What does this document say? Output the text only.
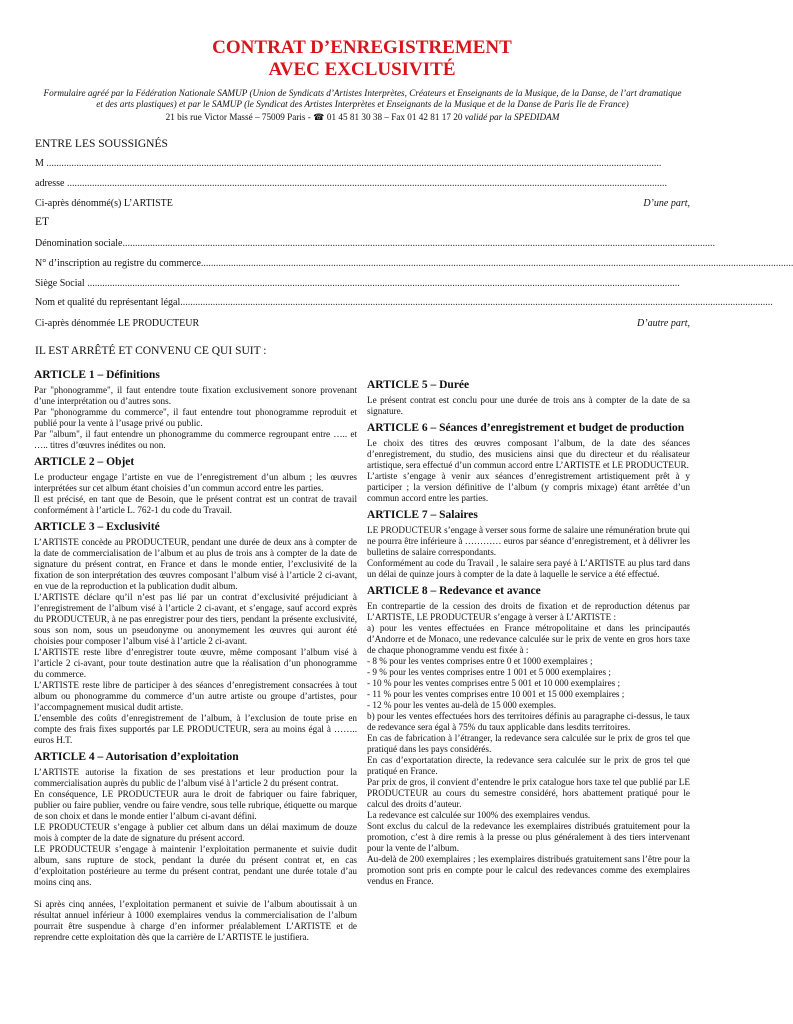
CONTRAT D’ENREGISTREMENT
AVEC EXCLUSIVITÉ
Formulaire agréé par la Fédération Nationale SAMUP (Union de Syndicats d’Artistes Interprètes, Créateurs et Enseignants de la Musique, de la Danse, de l’art dramatique et des arts plastiques) et par le SAMUP (le Syndicat des Artistes Interprètes et Enseignants de la Musique et de la Danse de Paris Ile de France)
21 bis rue Victor Massé – 75009 Paris - ☎ 01 45 81 30 38 – Fax 01 42 81 17 20 validé par la SPEDIDAM
ENTRE LES SOUSSIGNÉS
M ......................................................................................................................................................................................................................................................
adresse ................................................................................................................................................................................................................................................
Ci-après dénommé(s) L’ARTISTE	D’une part,
ET
Dénomination sociale.............................................................................................................................................................................................................................................
N° d’inscription au registre du commerce.............................................................................................................................................................................................................................................
Siège Social .............................................................................................................................................................................................................................................
Nom et qualité du représentant légal.............................................................................................................................................................................................................................................
Ci-après dénommée LE PRODUCTEUR	D’autre part,
IL EST ARRÊTÉ ET CONVENU CE QUI SUIT :
ARTICLE 1 – Définitions

Par "phonogramme", il faut entendre toute fixation exclusivement sonore provenant d’une interprétation ou d’autres sons.

Par "phonogramme du commerce", il faut entendre tout phonogramme reproduit et publié pour la vente à l’usage privé ou public.

Par "album", il faut entendre un phonogramme du commerce regroupant entre ….. et ….. titres d’œuvres inédites ou non.

ARTICLE 2 – Objet

Le producteur engage l’artiste en vue de l’enregistrement d’un album ; les œuvres interprétées sur cet album étant choisies d’un commun accord entre les parties.

Il est précisé, en tant que de Besoin, que le présent contrat est un contrat de travail conformément à l’article L. 762-1 du code du Travail.

ARTICLE 3 – Exclusivité

L’ARTISTE concède au PRODUCTEUR, pendant une durée de deux ans à compter de la date de commercialisation de l’album et au plus de trois ans à compter de la date de signature du présent contrat, en France et dans le monde entier, l’exclusivité de la fixation de son interprétation des œuvres composant l’album visé à l’article 2 ci-avant, en vue de la reproduction et la publication dudit album.

L’ARTISTE déclare qu’il n’est pas lié par un contrat d’exclusivité préjudiciant à l’enregistrement de l’album visé à l’article 2 ci-avant, et s’engage, sauf accord exprès du PRODUCTEUR, à ne pas enregistrer pour des tiers, pendant la présente exclusivité, sous son nom, sous un pseudonyme ou anonymement les œuvres qui auront été choisies pour composer l’album visé à l’article 2 ci-avant.

L’ARTISTE reste libre d’enregistrer toute œuvre, même composant l’album visé à l’article 2 ci-avant, pour toute destination autre que la réalisation d’un phonogramme du commerce.

L’ARTISTE reste libre de participer à des séances d’enregistrement consacrées à tout album ou phonogramme du commerce d’un autre artiste ou groupe d’artistes, pour l’accompagnement musical dudit artiste.

L’ensemble des coûts d’enregistrement de l’album, à l’exclusion de toute prise en compte des frais fixes supportés par LE PRODUCTEUR, sera au moins égal à …….. euros H.T.

ARTICLE 4 – Autorisation d’exploitation

L’ARTISTE autorise la fixation de ses prestations et leur production pour la commercialisation auprès du public de l’album visé à l’article 2 du présent contrat.

En conséquence, LE PRODUCTEUR aura le droit de fabriquer ou faire fabriquer, publier ou faire publier, vendre ou faire vendre, sous telle rubrique, étiquette ou marque de son choix et dans le monde entier l’album ci-avant défini.

LE PRODUCTEUR s’engage à publier cet album dans un délai maximum de douze mois à compter de la date de signature du présent accord.

LE PRODUCTEUR s’engage à maintenir l’exploitation permanente et suivie dudit album, sans rupture de stock, pendant la durée du présent contrat et, en cas d’exploitation postérieure au terme du présent contrat, pendant une durée totale d’au moins cinq ans.

Si après cinq années, l’exploitation permanent et suivie de l’album aboutissait à un résultat annuel inférieur à 1000 exemplaires vendus la commercialisation de l’album pourrait être suspendue à charge d’en informer préalablement L’ARTISTE et de reprendre cette exploitation dès que la carrière de L’ARTISTE le justifiera.

ARTICLE 5 – Durée

Le présent contrat est conclu pour une durée de trois ans à compter de la date de sa signature.

ARTICLE 6 – Séances d’enregistrement et budget de production

Le choix des titres des œuvres composant l’album, de la date des séances d’enregistrement, du studio, des musiciens ainsi que du directeur et du réalisateur artistique, sera effectué d’un commun accord entre L’ARTISTE et LE PRODUCTEUR.

L’artiste s’engage à venir aux séances d’enregistrement artistiquement prêt à y participer ; la version définitive de l’album (y compris mixage) étant arrêtée d’un commun accord entre les parties.

ARTICLE 7 – Salaires

LE PRODUCTEUR s’engage à verser sous forme de salaire une rémunération brute qui ne pourra être inférieure à ………… euros par séance d’enregistrement, et à délivrer les bulletins de salaire correspondants.

Conformément au code du Travail , le salaire sera payé à L’ARTISTE au plus tard dans un délai de quinze jours à compter de la date à laquelle le service a été effectué.

ARTICLE 8 – Redevance et avance

En contrepartie de la cession des droits de fixation et de reproduction détenus par L’ARTISTE, LE PRODUCTEUR s’engage à verser à L’ARTISTE :

a) pour les ventes effectuées en France métropolitaine et dans les principautés d’Andorre et de Monaco, une redevance calculée sur le prix de vente en gros hors taxe de chaque phonogramme vendu est fixée à :

- 8 % pour les ventes comprises entre 0 et 1000 exemplaires ;

- 9 % pour les ventes comprises entre 1 001 et 5 000 exemplaires ;

- 10 % pour les ventes comprises entre 5 001 et 10 000 exemplaires ;

- 11 % pour les ventes comprises entre 10 001 et 15 000 exemplaires ;

- 12 % pour les ventes au-delà de 15 000 exemples.

b) pour les ventes effectuées hors des territoires définis au paragraphe ci-dessus, le taux de redevance sera égal à 75% du taux applicable dans lesdits territoires.

En cas de fabrication à l’étranger, la redevance sera calculée sur le prix de gros tel que pratiqué dans les pays considérés.

En cas d’exportatation directe, la redevance sera calculée sur le prix de gros tel que pratiqué en France.

Par prix de gros, il convient d’entendre le prix catalogue hors taxe tel que publié par LE PRODUCTEUR au cours du semestre considéré, hors abattement pratiqué pour le calcul des droits d’auteur.

La redevance est calculée sur 100% des exemplaires vendus.

Sont exclus du calcul de la redevance les exemplaires distribués gratuitement pour la promotion, c’est à dire remis à la presse ou plus généralement à des tiers intervenant pour la vente de l’album.

Au-delà de 200 exemplaires ; les exemplaires distribués gratuitement sans l’être pour la promotion sont pris en compte pour le calcul des redevances comme des exemplaires vendus en France.
